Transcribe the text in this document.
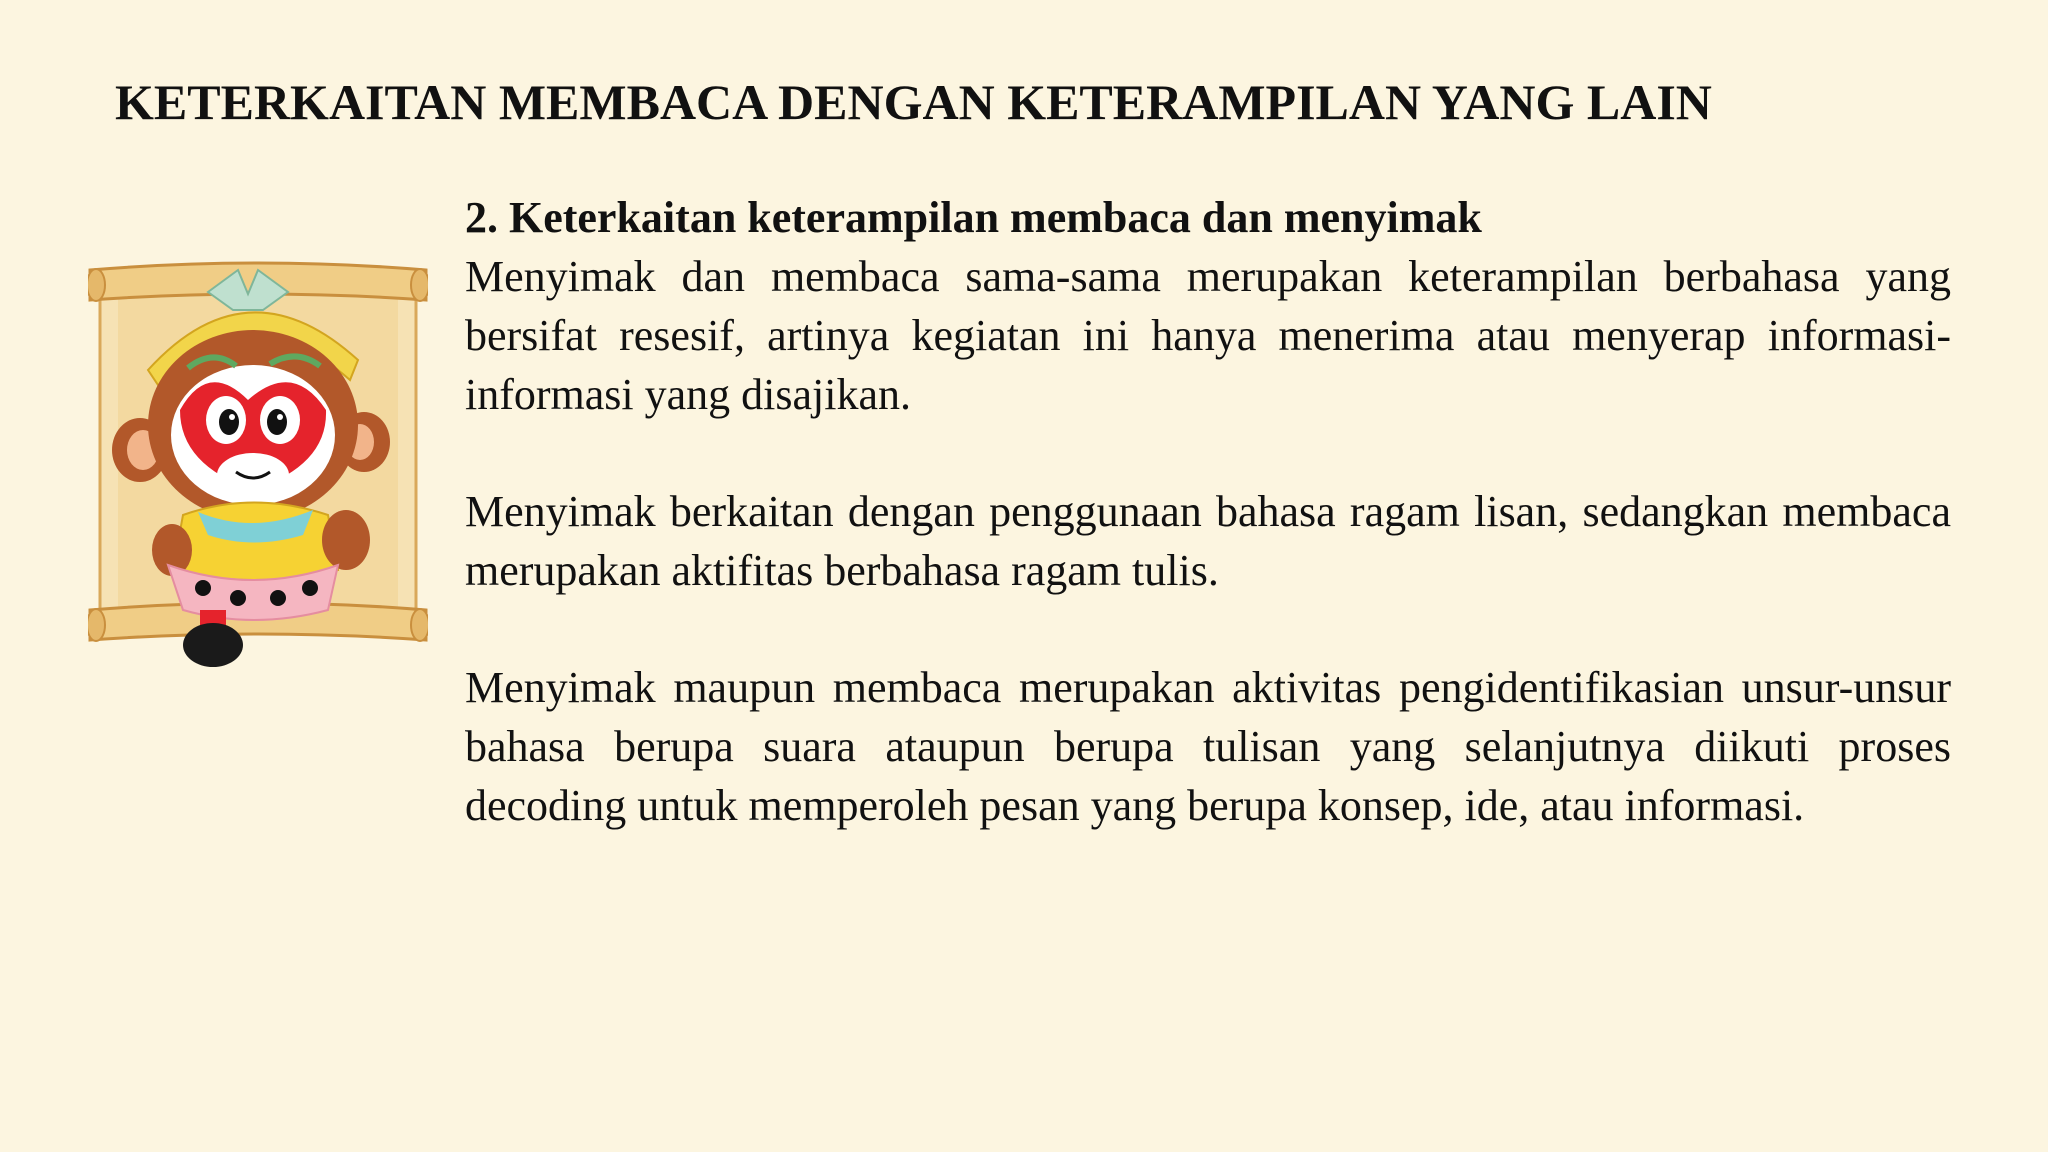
KETERKAITAN MEMBACA DENGAN KETERAMPILAN YANG LAIN

2. Keterkaitan keterampilan membaca dan menyimak

Menyimak dan membaca sama-sama merupakan keterampilan berbahasa yang bersifat resesif, artinya kegiatan ini hanya menerima atau menyerap informasi-informasi yang disajikan.

Menyimak berkaitan dengan penggunaan bahasa ragam lisan, sedangkan membaca merupakan aktifitas berbahasa ragam tulis.

Menyimak maupun membaca merupakan aktivitas pengidentifikasian unsur-unsur bahasa berupa suara ataupun berupa tulisan yang selanjutnya diikuti proses decoding untuk memperoleh pesan yang berupa konsep, ide, atau informasi.
